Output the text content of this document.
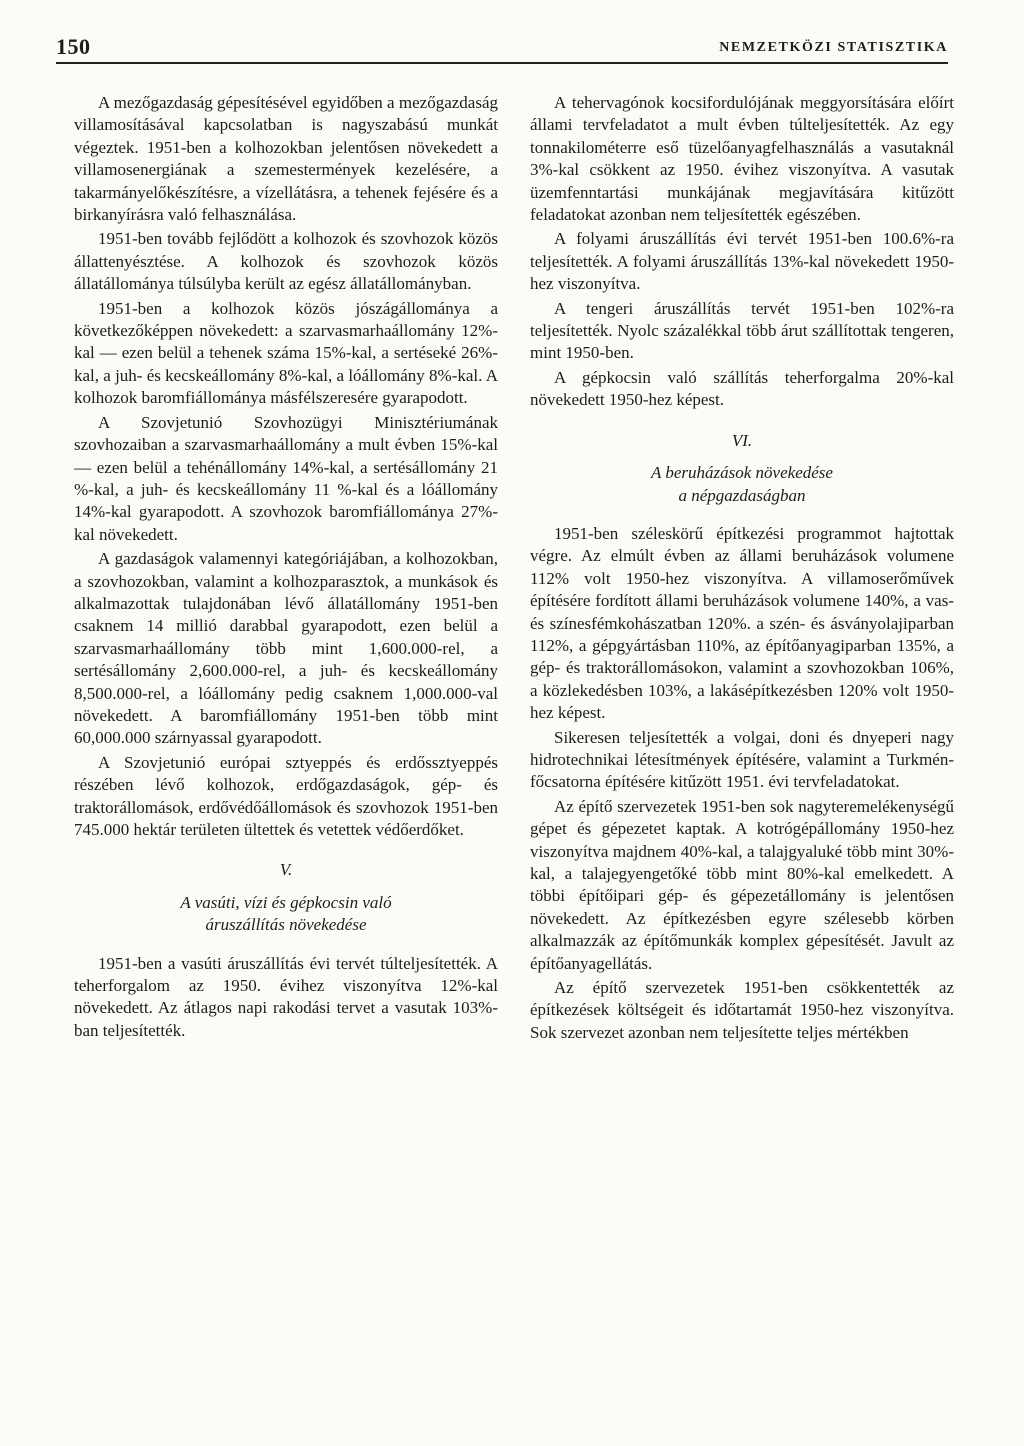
150	NEMZETKÖZI STATISZTIKA

A mezőgazdaság gépesítésével egyidőben a mezőgazdaság villamosításával kapcsolatban is nagyszabású munkát végeztek. 1951-ben a kolhozokban jelentősen növekedett a villamosenergiának a szemestermények kezelésére, a takarmányelőkészítésre, a vízellátásra, a tehenek fejésére és a birkanyírásra való felhasználása.

1951-ben tovább fejlődött a kolhozok és szovhozok közös állattenyésztése. A kolhozok és szovhozok közös állatállománya túlsúlyba került az egész állatállományban.

1951-ben a kolhozok közös jószágállománya a következőképpen növekedett: a szarvasmarhaállomány 12%-kal — ezen belül a tehenek száma 15%-kal, a sertéseké 26%-kal, a juh- és kecskeállomány 8%-kal, a lóállomány 8%-kal. A kolhozok baromfiállománya másfélszeresére gyarapodott.

A Szovjetunió Szovhozügyi Minisztériumának szovhozaiban a szarvasmarhaállomány a mult évben 15%-kal — ezen belül a tehénállomány 14%-kal, a sertésállomány 21 %-kal, a juh- és kecskeállomány 11 %-kal és a lóállomány 14%-kal gyarapodott. A szovhozok baromfiállománya 27%-kal növekedett.

A gazdaságok valamennyi kategóriájában, a kolhozokban, a szovhozokban, valamint a kolhozparasztok, a munkások és alkalmazottak tulajdonában lévő állatállomány 1951-ben csaknem 14 millió darabbal gyarapodott, ezen belül a szarvasmarhaállomány több mint 1,600.000-rel, a sertésállomány 2,600.000-rel, a juh- és kecskeállomány 8,500.000-rel, a lóállomány pedig csaknem 1,000.000-val növekedett. A baromfiállomány 1951-ben több mint 60,000.000 szárnyassal gyarapodott.

A Szovjetunió európai sztyeppés és erdőssztyeppés részében lévő kolhozok, erdőgazdaságok, gép- és traktorállomások, erdővédőállomások és szovhozok 1951-ben 745.000 hektár területen ültettek és vetettek védőerdőket.

V.
A vasúti, vízi és gépkocsin való
áruszállítás növekedése

1951-ben a vasúti áruszállítás évi tervét túlteljesítették. A teherforgalom az 1950. évihez viszonyítva 12%-kal növekedett. Az átlagos napi rakodási tervet a vasutak 103%-ban teljesítették.

A tehervagónok kocsifordulójának meggyorsítására előírt állami tervfeladatot a mult évben túlteljesítették. Az egy tonnakilométerre eső tüzelőanyagfelhasználás a vasutaknál 3%-kal csökkent az 1950. évihez viszonyítva. A vasutak üzemfenntartási munkájának megjavítására kitűzött feladatokat azonban nem teljesítették egészében.

A folyami áruszállítás évi tervét 1951-ben 100.6%-ra teljesítették. A folyami áruszállítás 13%-kal növekedett 1950-hez viszonyítva.

A tengeri áruszállítás tervét 1951-ben 102%-ra teljesítették. Nyolc százalékkal több árut szállítottak tengeren, mint 1950-ben.

A gépkocsin való szállítás teherforgalma 20%-kal növekedett 1950-hez képest.

VI.
A beruházások növekedése
a népgazdaságban

1951-ben széleskörű építkezési programmot hajtottak végre. Az elmúlt évben az állami beruházások volumene 112% volt 1950-hez viszonyítva. A villamoserőművek építésére fordított állami beruházások volumene 140%, a vas- és színesfémkohászatban 120%. a szén- és ásványolajiparban 112%, a gépgyártásban 110%, az építőanyagiparban 135%, a gép- és traktorállomásokon, valamint a szovhozokban 106%, a közlekedésben 103%, a lakásépítkezésben 120% volt 1950-hez képest.

Sikeresen teljesítették a volgai, doni és dnyeperi nagy hidrotechnikai létesítmények építésére, valamint a Turkmén-főcsatorna építésére kitűzött 1951. évi tervfeladatokat.

Az építő szervezetek 1951-ben sok nagyteremelékenységű gépet és gépezetet kaptak. A kotrógépállomány 1950-hez viszonyítva majdnem 40%-kal, a talajgyaluké több mint 30%-kal, a talajegyengetőké több mint 80%-kal emelkedett. A többi építőipari gép- és gépezetállomány is jelentősen növekedett. Az építkezésben egyre szélesebb körben alkalmazzák az építőmunkák komplex gépesítését. Javult az építőanyagellátás.

Az építő szervezetek 1951-ben csökkentették az építkezések költségeit és időtartamát 1950-hez viszonyítva. Sok szervezet azonban nem teljesítette teljes mértékben
